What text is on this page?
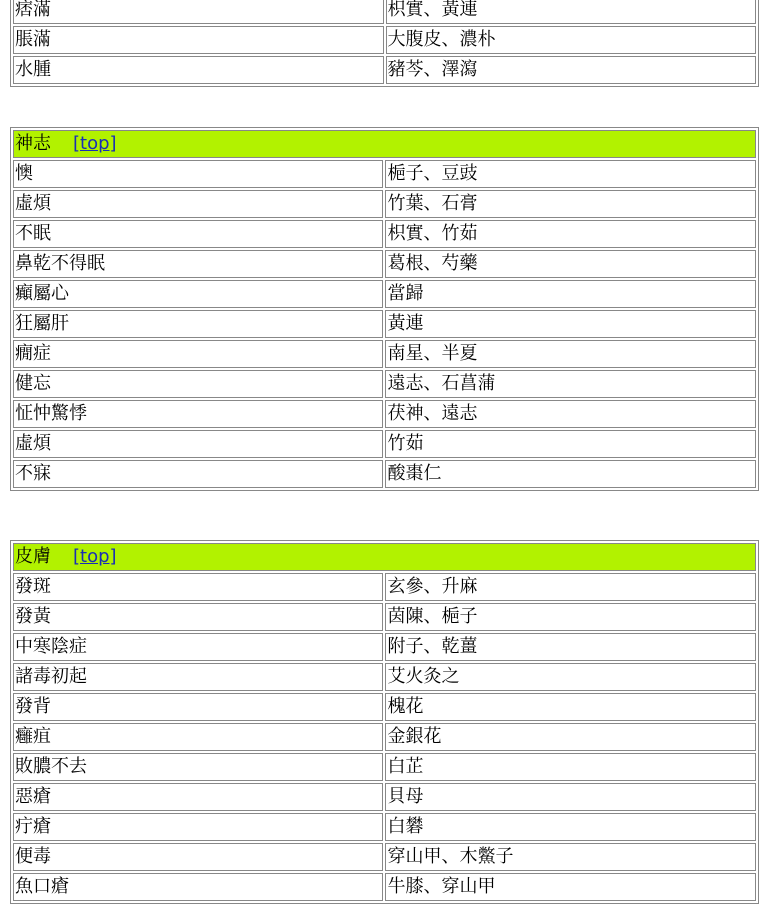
痞滿	枳實、黃連
脹滿	大腹皮、濃朴
水腫	豬芩、澤瀉
神志 [top]	
懊	梔子、豆豉
虛煩	竹葉、石膏
不眠	枳實、竹茹
鼻乾不得眠	葛根、芍藥
癲屬心	當歸
狂屬肝	黃連
癇症	南星、半夏
健忘	遠志、石菖蒲
怔忡驚悸	茯神、遠志
虛煩	竹茹
不寐	酸棗仁
皮膚 [top]	
發斑	玄參、升麻
發黃	茵陳、梔子
中寒陰症	附子、乾薑
諸毒初起	艾火灸之
發背	槐花
癰疽	金銀花
敗膿不去	白芷
惡瘡	貝母
疔瘡	白礬
便毒	穿山甲、木鱉子
魚口瘡	牛膝、穿山甲
